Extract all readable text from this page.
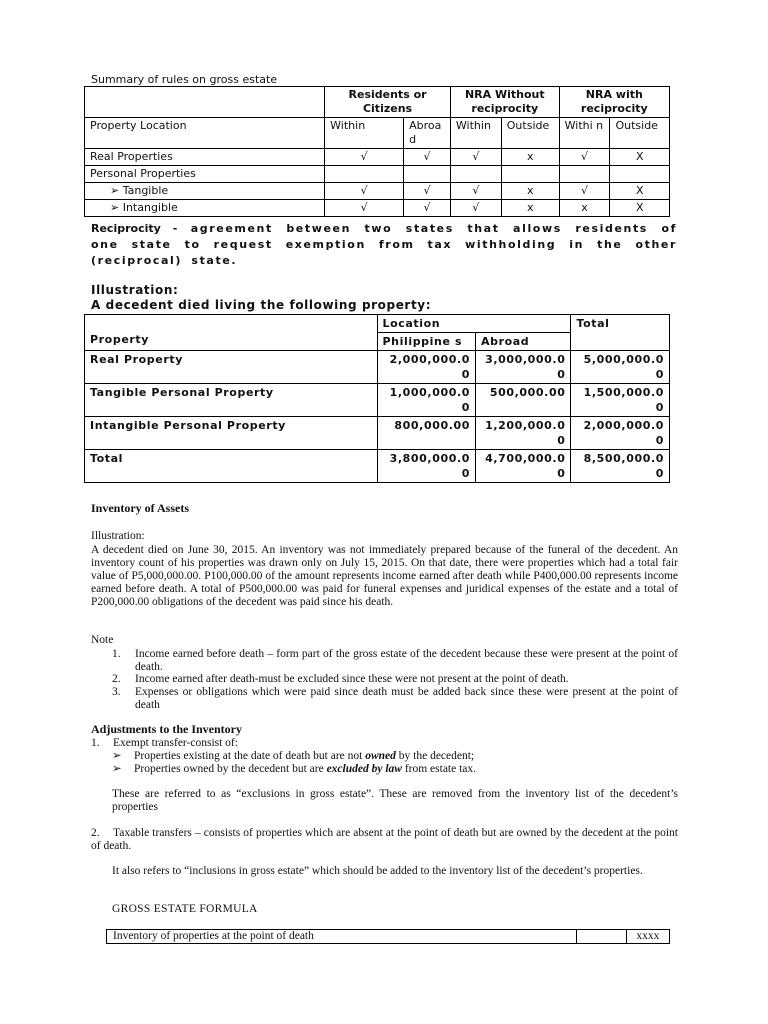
Summary of rules on gross estate
	Residents or Citizens		NRA Without reciprocity		NRA with reciprocity	
Property Location	Within	Abroa d	Within	Outside	Withi n	Outside
Real Properties	√	√	√	x	√	X
Personal Properties						
➢ Tangible	√	√	√	x	√	X
➢ Intangible	√	√	√	x	x	X
Reciprocity - agreement between two states that allows residents of one state to request exemption from tax withholding in the other (reciprocal) state.
Illustration:
A decedent died living the following property:
Property	Location		Total
	Philippine s	Abroad	
Real Property	2,000,000.00	3,000,000.00	5,000,000.00
Tangible Personal Property	1,000,000.00	500,000.00	1,500,000.00
Intangible Personal Property	800,000.00	1,200,000.00	2,000,000.00
Total	3,800,000.00	4,700,000.00	8,500,000.00
Inventory of Assets
Illustration:
A decedent died on June 30, 2015. An inventory was not immediately prepared because of the funeral of the decedent. An inventory count of his properties was drawn only on July 15, 2015. On that date, there were properties which had a total fair value of P5,000,000.00. P100,000.00 of the amount represents income earned after death while P400,000.00 represents income earned before death. A total of P500,000.00 was paid for funeral expenses and juridical expenses of the estate and a total of P200,000.00 obligations of the decedent was paid since his death.
Note
1. Income earned before death – form part of the gross estate of the decedent because these were present at the point of death.
2. Income earned after death-must be excluded since these were not present at the point of death.
3. Expenses or obligations which were paid since death must be added back since these were present at the point of death
Adjustments to the Inventory
1. Exempt transfer-consist of:
➢ Properties existing at the date of death but are not owned by the decedent;
➢ Properties owned by the decedent but are excluded by law from estate tax.
These are referred to as “exclusions in gross estate”. These are removed from the inventory list of the decedent’s properties
2. Taxable transfers – consists of properties which are absent at the point of death but are owned by the decedent at the point of death.
It also refers to “inclusions in gross estate” which should be added to the inventory list of the decedent’s properties.
GROSS ESTATE FORMULA
Inventory of properties at the point of death		xxxx
